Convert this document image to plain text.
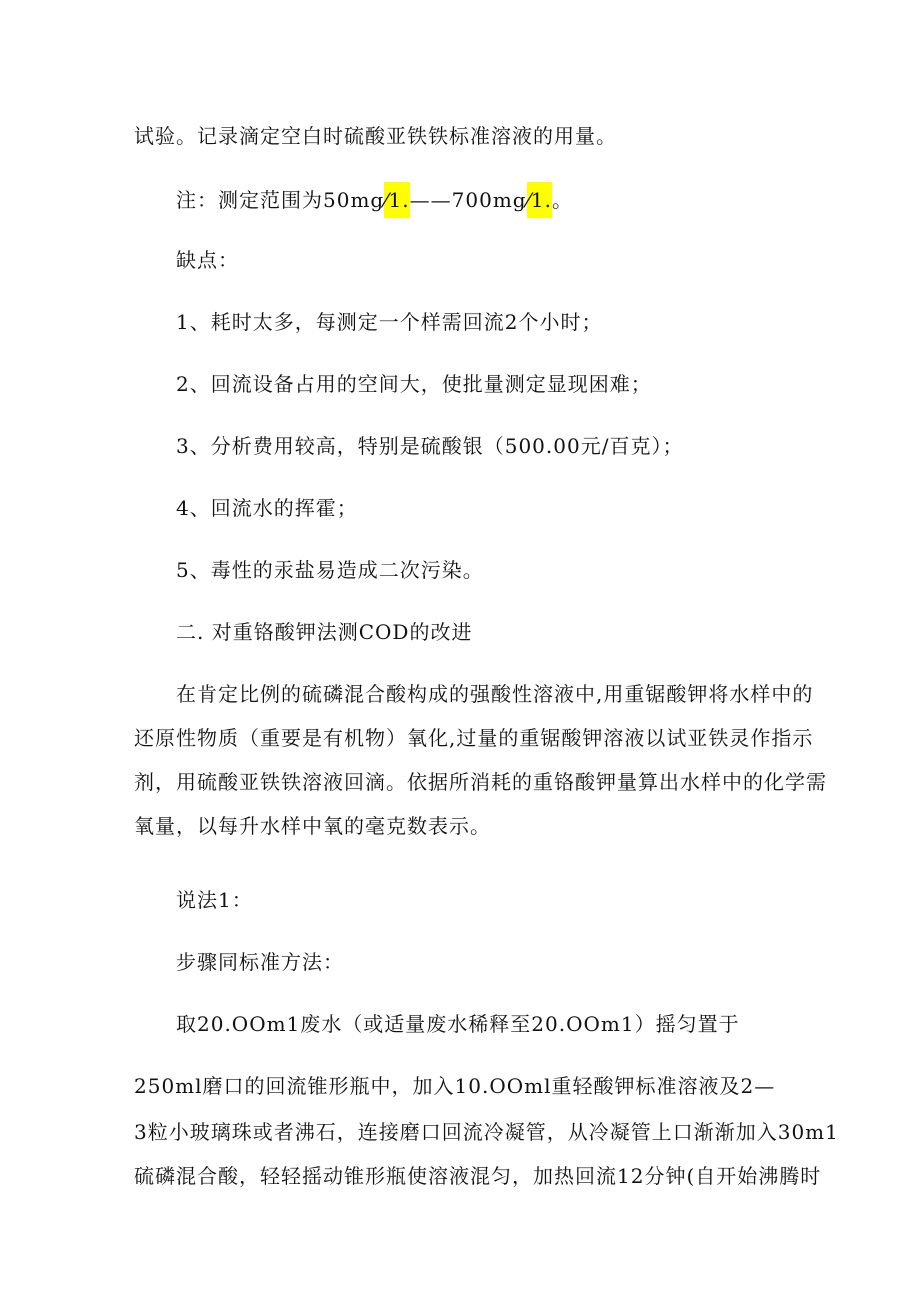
试验。记录滴定空白时硫酸亚铁铁标准溶液的用量。

注：测定范围为50mg⁄1.——700mg⁄1.。

缺点：

1、耗时太多，每测定一个样需回流2个小时；

2、回流设备占用的空间大，使批量测定显现困难；

3、分析费用较高，特别是硫酸银（500.00元/百克）；

4、回流水的挥霍；

5、毒性的汞盐易造成二次污染。

二. 对重铬酸钾法测COD的改进

在肯定比例的硫磷混合酸构成的强酸性溶液中,用重锯酸钾将水样中的

还原性物质（重要是有机物）氧化,过量的重锯酸钾溶液以试亚铁灵作指示

剂，用硫酸亚铁铁溶液回滴。依据所消耗的重铬酸钾量算出水样中的化学需

氧量，以每升水样中氧的毫克数表示。

说法1：

步骤同标准方法：

取20.OOm1废水（或适量废水稀释至20.OOm1）摇匀置于

250ml磨口的回流锥形瓶中，加入10.OOml重轻酸钾标准溶液及2—

3粒小玻璃珠或者沸石，连接磨口回流冷凝管，从冷凝管上口渐渐加入30m1

硫磷混合酸，轻轻摇动锥形瓶使溶液混匀，加热回流12分钟(自开始沸腾时
